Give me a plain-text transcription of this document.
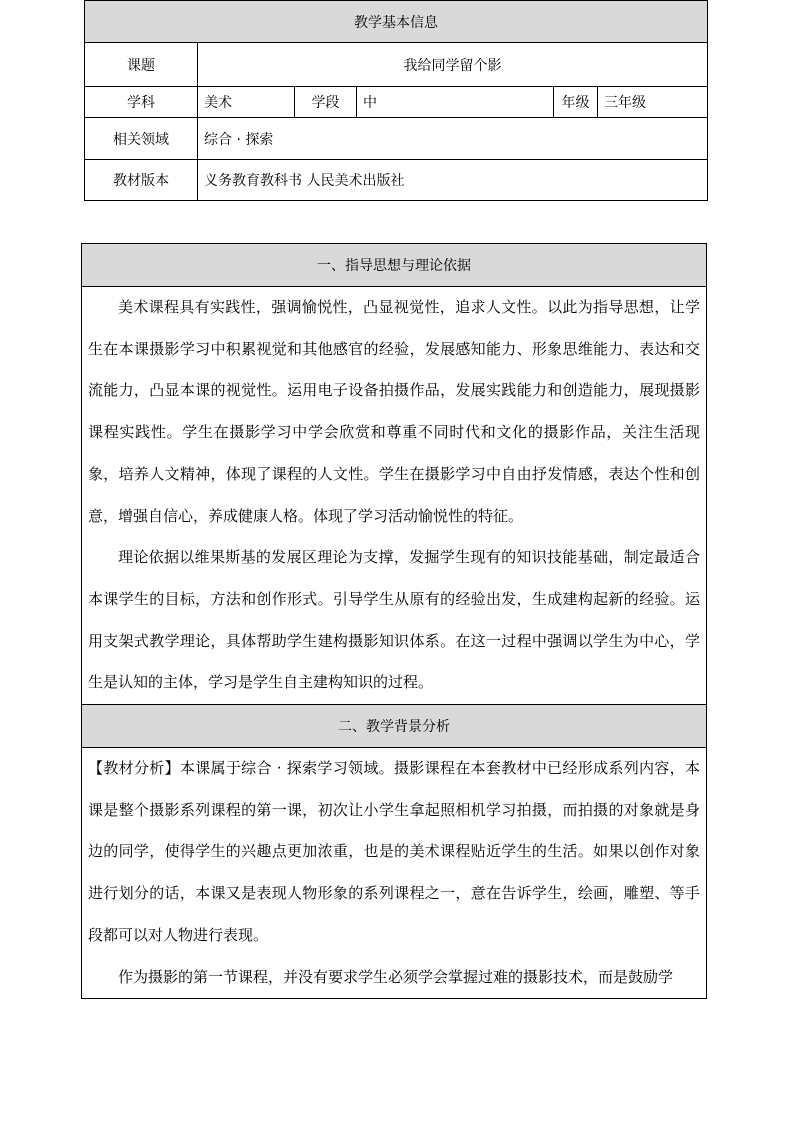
教学基本信息					
课题	我给同学留个影				
学科	美术	学段	中	年级	三年级
相关领域	综合 · 探索				
教材版本	义务教育教科书 人民美术出版社				
一、指导思想与理论依据

美术课程具有实践性，强调愉悦性，凸显视觉性，追求人文性。以此为指导思想，让学生在本课摄影学习中积累视觉和其他感官的经验，发展感知能力、形象思维能力、表达和交流能力，凸显本课的视觉性。运用电子设备拍摄作品，发展实践能力和创造能力，展现摄影课程实践性。学生在摄影学习中学会欣赏和尊重不同时代和文化的摄影作品，关注生活现象，培养人文精神，体现了课程的人文性。学生在摄影学习中自由抒发情感，表达个性和创意，增强自信心，养成健康人格。体现了学习活动愉悦性的特征。

理论依据以维果斯基的发展区理论为支撑，发掘学生现有的知识技能基础，制定最适合本课学生的目标，方法和创作形式。引导学生从原有的经验出发，生成建构起新的经验。运用支架式教学理论，具体帮助学生建构摄影知识体系。在这一过程中强调以学生为中心，学生是认知的主体，学习是学生自主建构知识的过程。

二、教学背景分析

【教材分析】本课属于综合 · 探索学习领域。摄影课程在本套教材中已经形成系列内容，本课是整个摄影系列课程的第一课，初次让小学生拿起照相机学习拍摄，而拍摄的对象就是身边的同学，使得学生的兴趣点更加浓重，也是的美术课程贴近学生的生活。如果以创作对象进行划分的话，本课又是表现人物形象的系列课程之一，意在告诉学生，绘画，雕塑、等手段都可以对人物进行表现。

作为摄影的第一节课程，并没有要求学生必须学会掌握过难的摄影技术，而是鼓励学
